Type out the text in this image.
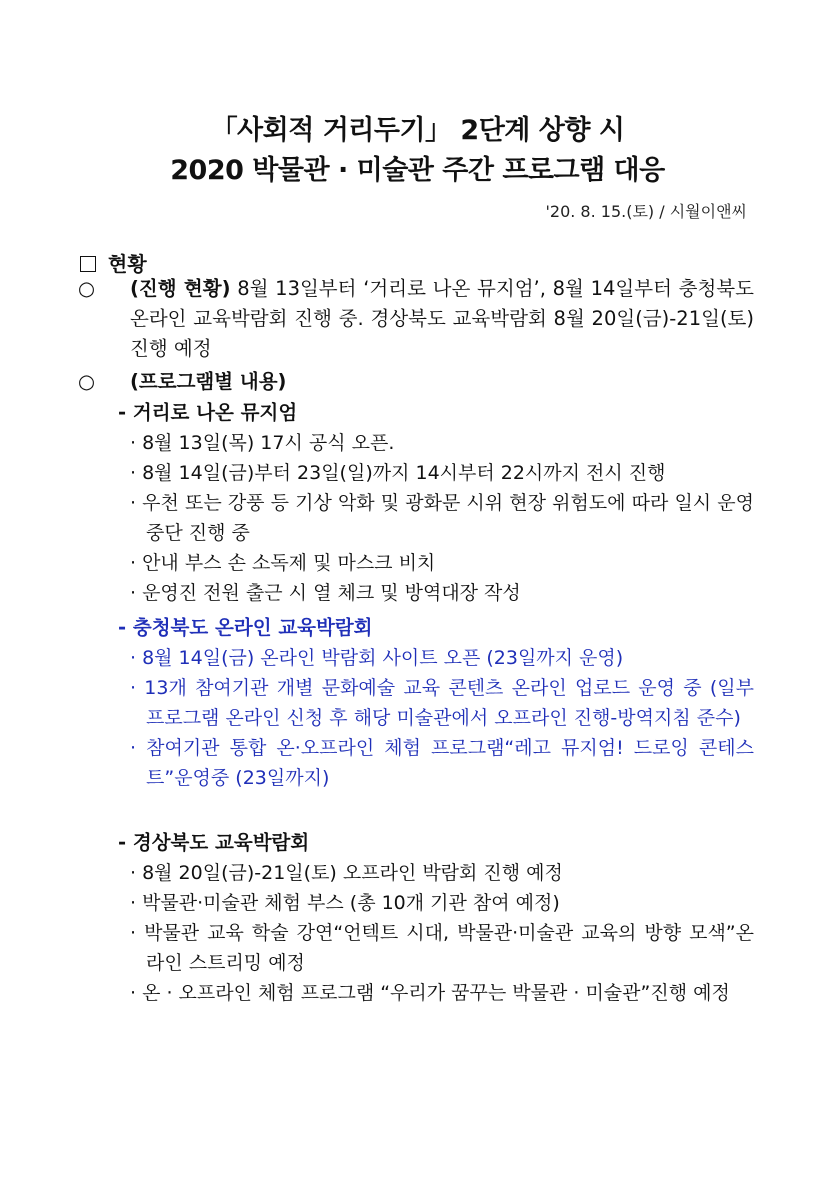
「사회적 거리두기」 2단계 상향 시
2020 박물관 · 미술관 주간 프로그램 대응
'20. 8. 15.(토) / 시월이앤씨
현황
○ (진행 현황) 8월 13일부터 ‘거리로 나온 뮤지엄’, 8월 14일부터 충청북도 온라인 교육박람회 진행 중. 경상북도 교육박람회 8월 20일(금)-21일(토) 진행 예정
○ (프로그램별 내용)
- 거리로 나온 뮤지엄
· 8월 13일(목) 17시 공식 오픈.
· 8월 14일(금)부터 23일(일)까지 14시부터 22시까지 전시 진행
· 우천 또는 강풍 등 기상 악화 및 광화문 시위 현장 위험도에 따라 일시 운영 중단 진행 중
· 안내 부스 손 소독제 및 마스크 비치
· 운영진 전원 출근 시 열 체크 및 방역대장 작성
- 충청북도 온라인 교육박람회
· 8월 14일(금) 온라인 박람회 사이트 오픈 (23일까지 운영)
· 13개 참여기관 개별 문화예술 교육 콘텐츠 온라인 업로드 운영 중 (일부 프로그램 온라인 신청 후 해당 미술관에서 오프라인 진행-방역지침 준수)
· 참여기관 통합 온·오프라인 체험 프로그램“레고 뮤지엄! 드로잉 콘테스트”운영중 (23일까지)
- 경상북도 교육박람회
· 8월 20일(금)-21일(토) 오프라인 박람회 진행 예정
· 박물관·미술관 체험 부스 (총 10개 기관 참여 예정)
· 박물관 교육 학술 강연“언텍트 시대, 박물관·미술관 교육의 방향 모색”온라인 스트리밍 예정
· 온 · 오프라인 체험 프로그램 “우리가 꿈꾸는 박물관 · 미술관”진행 예정
